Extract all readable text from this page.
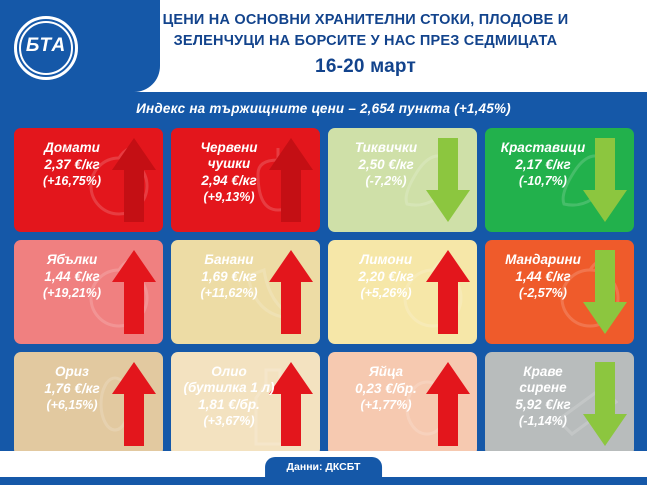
БТА
ЦЕНИ НА ОСНОВНИ ХРАНИТЕЛНИ СТОКИ, ПЛОДОВЕ И
ЗЕЛЕНЧУЦИ НА БОРСИТЕ У НАС ПРЕЗ СЕДМИЦАТА
16-20 март
Индекс на тържищните цени – 2,654 пункта (+1,45%)
Домати
2,37 €/кг
(+16,75%)
Червени
чушки
2,94 €/кг
(+9,13%)
Тиквички
2,50 €/кг
(-7,2%)
Краставици
2,17 €/кг
(-10,7%)
Ябълки
1,44 €/кг
(+19,21%)
Банани
1,69 €/кг
(+11,62%)
Лимони
2,20 €/кг
(+5,26%)
Мандарини
1,44 €/кг
(-2,57%)
Ориз
1,76 €/кг
(+6,15%)
Олио
(бутилка 1 л)
1,81 €/бр.
(+3,67%)
Яйца
0,23 €/бр.
(+1,77%)
Краве
сирене
5,92 €/кг
(-1,14%)
Данни: ДКСБТ
